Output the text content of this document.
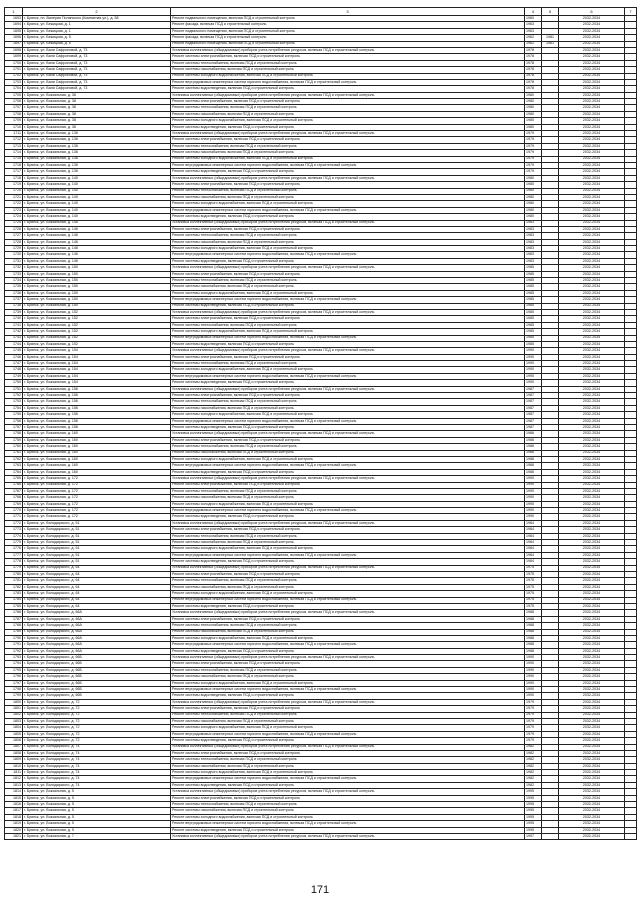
1	2	3	4	5	6	7
1693	г. Брянск, пл. Валерия Полянского (Комнатная ул.), д. 58	Ремонт подвального помещения, включая ПСД и строительный контроль	1960		2032-2034	
1694	г. Брянск, ул. Бежицкая, д. 1	Ремонт фасада, включая ПСД и строительный контроль	1963		2032-2034	
1695	г. Брянск, ул. Бежицкая, д. 1	Ремонт подвального помещения, включая ПСД и строительный контроль	1963		2032-2034	
1696	г. Брянск, ул. Бежицкая, д. 5	Ремонт фасада, включая ПСД и строительный контроль	1962	1981	2032-2034	
1697	г. Брянск, ул. Бежицкая, д. 5	Ремонт подвального помещения, включая ПСД и строительный контроль	1962	1981	2032-2034	
1698	г. Брянск, ул. Вали Сафроновой, д. 73	Установка коллективных (общедомовых) приборов учета потребления ресурсов, включая ПСД и строительный контроль	1978		2032-2034	
1699	г. Брянск, ул. Вали Сафроновой, д. 73	Ремонт системы электроснабжения, включая ПСД и строительный контроль	1978		2032-2034	
1700	г. Брянск, ул. Вали Сафроновой, д. 73	Ремонт системы теплоснабжения, включая ПСД и строительный контроль	1978		2032-2034	
1701	г. Брянск, ул. Вали Сафроновой, д. 73	Ремонт системы газоснабжения, включая ПСД и строительный контроль	1978		2032-2034	
1702	г. Брянск, ул. Вали Сафроновой, д. 73	Ремонт системы холодного водоснабжения, включая ПСД и строительный контроль	1978		2032-2034	
1703	г. Брянск, ул. Вали Сафроновой, д. 73	Ремонт внутридомовых инженерных систем горячего водоснабжения, включая ПСД и строительный контроль	1978		2032-2034	
1704	г. Брянск, ул. Вали Сафроновой, д. 73	Ремонт системы водоотведения, включая ПСД и строительный контроль	1978		2032-2034	
1705	г. Брянск, ул. Вокзальная, д. 38	Установка коллективных (общедомовых) приборов учета потребления ресурсов, включая ПСД и строительный контроль	1980		2032-2034	
1706	г. Брянск, ул. Вокзальная, д. 38	Ремонт системы электроснабжения, включая ПСД и строительный контроль	1980		2032-2034	
1707	г. Брянск, ул. Вокзальная, д. 38	Ремонт системы теплоснабжения, включая ПСД и строительный контроль	1980		2032-2034	
1708	г. Брянск, ул. Вокзальная, д. 38	Ремонт системы газоснабжения, включая ПСД и строительный контроль	1980		2032-2034	
1709	г. Брянск, ул. Вокзальная, д. 38	Ремонт системы холодного водоснабжения, включая ПСД и строительный контроль	1980		2032-2034	
1710	г. Брянск, ул. Вокзальная, д. 38	Ремонт системы водоотведения, включая ПСД и строительный контроль	1980		2032-2034	
1711	г. Брянск, ул. Вокзальная, д. 136	Установка коллективных (общедомовых) приборов учета потребления ресурсов, включая ПСД и строительный контроль	1979		2032-2034	
1712	г. Брянск, ул. Вокзальная, д. 136	Ремонт системы электроснабжения, включая ПСД и строительный контроль	1979		2032-2034	
1713	г. Брянск, ул. Вокзальная, д. 136	Ремонт системы теплоснабжения, включая ПСД и строительный контроль	1979		2032-2034	
1714	г. Брянск, ул. Вокзальная, д. 136	Ремонт системы газоснабжения, включая ПСД и строительный контроль	1979		2032-2034	
1715	г. Брянск, ул. Вокзальная, д. 136	Ремонт системы холодного водоснабжения, включая ПСД и строительный контроль	1979		2032-2034	
1716	г. Брянск, ул. Вокзальная, д. 136	Ремонт внутридомовых инженерных систем горячего водоснабжения, включая ПСД и строительный контроль	1979		2032-2034	
1717	г. Брянск, ул. Вокзальная, д. 136	Ремонт системы водоотведения, включая ПСД и строительный контроль	1979		2032-2034	
1718	г. Брянск, ул. Вокзальная, д. 140	Установка коллективных (общедомовых) приборов учета потребления ресурсов, включая ПСД и строительный контроль	1980		2032-2034	
1719	г. Брянск, ул. Вокзальная, д. 140	Ремонт системы электроснабжения, включая ПСД и строительный контроль	1980		2032-2034	
1720	г. Брянск, ул. Вокзальная, д. 140	Ремонт системы теплоснабжения, включая ПСД и строительный контроль	1980		2032-2034	
1721	г. Брянск, ул. Вокзальная, д. 140	Ремонт системы газоснабжения, включая ПСД и строительный контроль	1980		2032-2034	
1722	г. Брянск, ул. Вокзальная, д. 140	Ремонт системы холодного водоснабжения, включая ПСД и строительный контроль	1980		2032-2034	
1723	г. Брянск, ул. Вокзальная, д. 140	Ремонт внутридомовых инженерных систем горячего водоснабжения, включая ПСД и строительный контроль	1980		2032-2034	
1724	г. Брянск, ул. Вокзальная, д. 140	Ремонт системы водоотведения, включая ПСД и строительный контроль	1980		2032-2034	
1725	г. Брянск, ул. Вокзальная, д. 146	Установка коллективных (общедомовых) приборов учета потребления ресурсов, включая ПСД и строительный контроль	1983		2032-2034	
1726	г. Брянск, ул. Вокзальная, д. 146	Ремонт системы электроснабжения, включая ПСД и строительный контроль	1983		2032-2034	
1727	г. Брянск, ул. Вокзальная, д. 146	Ремонт системы теплоснабжения, включая ПСД и строительный контроль	1983		2032-2034	
1728	г. Брянск, ул. Вокзальная, д. 146	Ремонт системы газоснабжения, включая ПСД и строительный контроль	1983		2032-2034	
1729	г. Брянск, ул. Вокзальная, д. 146	Ремонт системы холодного водоснабжения, включая ПСД и строительный контроль	1983		2032-2034	
1730	г. Брянск, ул. Вокзальная, д. 146	Ремонт внутридомовых инженерных систем горячего водоснабжения, включая ПСД и строительный контроль	1983		2032-2034	
1731	г. Брянск, ул. Вокзальная, д. 146	Ремонт системы водоотведения, включая ПСД и строительный контроль	1983		2032-2034	
1732	г. Брянск, ул. Вокзальная, д. 150	Установка коллективных (общедомовых) приборов учета потребления ресурсов, включая ПСД и строительный контроль	1985		2032-2034	
1733	г. Брянск, ул. Вокзальная, д. 150	Ремонт системы электроснабжения, включая ПСД и строительный контроль	1985		2032-2034	
1734	г. Брянск, ул. Вокзальная, д. 150	Ремонт системы теплоснабжения, включая ПСД и строительный контроль	1985		2032-2034	
1735	г. Брянск, ул. Вокзальная, д. 150	Ремонт системы газоснабжения, включая ПСД и строительный контроль	1985		2032-2034	
1736	г. Брянск, ул. Вокзальная, д. 150	Ремонт системы холодного водоснабжения, включая ПСД и строительный контроль	1985		2032-2034	
1737	г. Брянск, ул. Вокзальная, д. 150	Ремонт внутридомовых инженерных систем горячего водоснабжения, включая ПСД и строительный контроль	1985		2032-2034	
1738	г. Брянск, ул. Вокзальная, д. 150	Ремонт системы водоотведения, включая ПСД и строительный контроль	1985		2032-2034	
1739	г. Брянск, ул. Вокзальная, д. 152	Установка коллективных (общедомовых) приборов учета потребления ресурсов, включая ПСД и строительный контроль	1985		2032-2034	
1740	г. Брянск, ул. Вокзальная, д. 152	Ремонт системы электроснабжения, включая ПСД и строительный контроль	1985		2032-2034	
1741	г. Брянск, ул. Вокзальная, д. 152	Ремонт системы теплоснабжения, включая ПСД и строительный контроль	1985		2032-2034	
1742	г. Брянск, ул. Вокзальная, д. 152	Ремонт системы холодного водоснабжения, включая ПСД и строительный контроль	1985		2032-2034	
1743	г. Брянск, ул. Вокзальная, д. 152	Ремонт внутридомовых инженерных систем горячего водоснабжения, включая ПСД и строительный контроль	1985		2032-2034	
1744	г. Брянск, ул. Вокзальная, д. 152	Ремонт системы водоотведения, включая ПСД и строительный контроль	1985		2032-2034	
1745	г. Брянск, ул. Вокзальная, д. 154	Установка коллективных (общедомовых) приборов учета потребления ресурсов, включая ПСД и строительный контроль	1990		2032-2034	
1746	г. Брянск, ул. Вокзальная, д. 154	Ремонт системы электроснабжения, включая ПСД и строительный контроль	1990		2032-2034	
1747	г. Брянск, ул. Вокзальная, д. 154	Ремонт системы теплоснабжения, включая ПСД и строительный контроль	1990		2032-2034	
1748	г. Брянск, ул. Вокзальная, д. 154	Ремонт системы холодного водоснабжения, включая ПСД и строительный контроль	1990		2032-2034	
1749	г. Брянск, ул. Вокзальная, д. 154	Ремонт внутридомовых инженерных систем горячего водоснабжения, включая ПСД и строительный контроль	1990		2032-2034	
1750	г. Брянск, ул. Вокзальная, д. 154	Ремонт системы водоотведения, включая ПСД и строительный контроль	1990		2032-2034	
1751	г. Брянск, ул. Вокзальная, д. 156	Установка коллективных (общедомовых) приборов учета потребления ресурсов, включая ПСД и строительный контроль	1987		2032-2034	
1752	г. Брянск, ул. Вокзальная, д. 156	Ремонт системы электроснабжения, включая ПСД и строительный контроль	1987		2032-2034	
1753	г. Брянск, ул. Вокзальная, д. 156	Ремонт системы теплоснабжения, включая ПСД и строительный контроль	1987		2032-2034	
1754	г. Брянск, ул. Вокзальная, д. 156	Ремонт системы газоснабжения, включая ПСД и строительный контроль	1987		2032-2034	
1755	г. Брянск, ул. Вокзальная, д. 156	Ремонт системы холодного водоснабжения, включая ПСД и строительный контроль	1987		2032-2034	
1756	г. Брянск, ул. Вокзальная, д. 156	Ремонт внутридомовых инженерных систем горячего водоснабжения, включая ПСД и строительный контроль	1987		2032-2034	
1757	г. Брянск, ул. Вокзальная, д. 156	Ремонт системы водоотведения, включая ПСД и строительный контроль	1987		2032-2034	
1758	г. Брянск, ул. Вокзальная, д. 160	Установка коллективных (общедомовых) приборов учета потребления ресурсов, включая ПСД и строительный контроль	1986		2032-2034	
1759	г. Брянск, ул. Вокзальная, д. 160	Ремонт системы электроснабжения, включая ПСД и строительный контроль	1986		2032-2034	
1760	г. Брянск, ул. Вокзальная, д. 160	Ремонт системы теплоснабжения, включая ПСД и строительный контроль	1986		2032-2034	
1761	г. Брянск, ул. Вокзальная, д. 160	Ремонт системы газоснабжения, включая ПСД и строительный контроль	1986		2032-2034	
1762	г. Брянск, ул. Вокзальная, д. 160	Ремонт системы холодного водоснабжения, включая ПСД и строительный контроль	1986		2032-2034	
1763	г. Брянск, ул. Вокзальная, д. 160	Ремонт внутридомовых инженерных систем горячего водоснабжения, включая ПСД и строительный контроль	1986		2032-2034	
1764	г. Брянск, ул. Вокзальная, д. 160	Ремонт системы водоотведения, включая ПСД и строительный контроль	1986		2032-2034	
1765	г. Брянск, ул. Вокзальная, д. 172	Установка коллективных (общедомовых) приборов учета потребления ресурсов, включая ПСД и строительный контроль	1990		2032-2034	
1766	г. Брянск, ул. Вокзальная, д. 172	Ремонт системы электроснабжения, включая ПСД и строительный контроль	1990		2032-2034	
1767	г. Брянск, ул. Вокзальная, д. 172	Ремонт системы теплоснабжения, включая ПСД и строительный контроль	1990		2032-2034	
1768	г. Брянск, ул. Вокзальная, д. 172	Ремонт системы газоснабжения, включая ПСД и строительный контроль	1990		2032-2034	
1769	г. Брянск, ул. Вокзальная, д. 172	Ремонт системы холодного водоснабжения, включая ПСД и строительный контроль	1990		2032-2034	
1770	г. Брянск, ул. Вокзальная, д. 172	Ремонт внутридомовых инженерных систем горячего водоснабжения, включая ПСД и строительный контроль	1990		2032-2034	
1771	г. Брянск, ул. Вокзальная, д. 172	Ремонт системы водоотведения, включая ПСД и строительный контроль	1990		2032-2034	
1772	г. Брянск, ул. Володарского, д. 51	Установка коллективных (общедомовых) приборов учета потребления ресурсов, включая ПСД и строительный контроль	1984		2032-2034	
1773	г. Брянск, ул. Володарского, д. 51	Ремонт системы электроснабжения, включая ПСД и строительный контроль	1984		2032-2034	
1774	г. Брянск, ул. Володарского, д. 51	Ремонт системы теплоснабжения, включая ПСД и строительный контроль	1984		2032-2034	
1775	г. Брянск, ул. Володарского, д. 51	Ремонт системы газоснабжения, включая ПСД и строительный контроль	1984		2032-2034	
1776	г. Брянск, ул. Володарского, д. 51	Ремонт системы холодного водоснабжения, включая ПСД и строительный контроль	1984		2032-2034	
1777	г. Брянск, ул. Володарского, д. 51	Ремонт внутридомовых инженерных систем горячего водоснабжения, включая ПСД и строительный контроль	1984		2032-2034	
1778	г. Брянск, ул. Володарского, д. 51	Ремонт системы водоотведения, включая ПСД и строительный контроль	1984		2032-2034	
1779	г. Брянск, ул. Володарского, д. 64	Установка коллективных (общедомовых) приборов учета потребления ресурсов, включая ПСД и строительный контроль	1975		2032-2034	
1780	г. Брянск, ул. Володарского, д. 64	Ремонт системы электроснабжения, включая ПСД и строительный контроль	1975		2032-2034	
1781	г. Брянск, ул. Володарского, д. 64	Ремонт системы теплоснабжения, включая ПСД и строительный контроль	1975		2032-2034	
1782	г. Брянск, ул. Володарского, д. 64	Ремонт системы газоснабжения, включая ПСД и строительный контроль	1975		2032-2034	
1783	г. Брянск, ул. Володарского, д. 64	Ремонт системы холодного водоснабжения, включая ПСД и строительный контроль	1975		2032-2034	
1784	г. Брянск, ул. Володарского, д. 64	Ремонт внутридомовых инженерных систем горячего водоснабжения, включая ПСД и строительный контроль	1975		2032-2034	
1785	г. Брянск, ул. Володарского, д. 64	Ремонт системы водоотведения, включая ПСД и строительный контроль	1975		2032-2034	
1786	г. Брянск, ул. Володарского, д. 66А	Установка коллективных (общедомовых) приборов учета потребления ресурсов, включая ПСД и строительный контроль	1988		2032-2034	
1787	г. Брянск, ул. Володарского, д. 66А	Ремонт системы электроснабжения, включая ПСД и строительный контроль	1988		2032-2034	
1788	г. Брянск, ул. Володарского, д. 66А	Ремонт системы теплоснабжения, включая ПСД и строительный контроль	1988		2032-2034	
1789	г. Брянск, ул. Володарского, д. 66А	Ремонт системы газоснабжения, включая ПСД и строительный контроль	1988		2032-2034	
1790	г. Брянск, ул. Володарского, д. 66А	Ремонт системы холодного водоснабжения, включая ПСД и строительный контроль	1988		2032-2034	
1791	г. Брянск, ул. Володарского, д. 66А	Ремонт внутридомовых инженерных систем горячего водоснабжения, включая ПСД и строительный контроль	1988		2032-2034	
1792	г. Брянск, ул. Володарского, д. 66А	Ремонт системы водоотведения, включая ПСД и строительный контроль	1988		2032-2034	
1793	г. Брянск, ул. Володарского, д. 66Б	Установка коллективных (общедомовых) приборов учета потребления ресурсов, включая ПСД и строительный контроль	1990		2032-2034	
1794	г. Брянск, ул. Володарского, д. 66Б	Ремонт системы электроснабжения, включая ПСД и строительный контроль	1990		2032-2034	
1795	г. Брянск, ул. Володарского, д. 66Б	Ремонт системы теплоснабжения, включая ПСД и строительный контроль	1990		2032-2034	
1796	г. Брянск, ул. Володарского, д. 66Б	Ремонт системы газоснабжения, включая ПСД и строительный контроль	1990		2032-2034	
1797	г. Брянск, ул. Володарского, д. 66Б	Ремонт системы холодного водоснабжения, включая ПСД и строительный контроль	1990		2032-2034	
1798	г. Брянск, ул. Володарского, д. 66Б	Ремонт внутридомовых инженерных систем горячего водоснабжения, включая ПСД и строительный контроль	1990		2032-2034	
1799	г. Брянск, ул. Володарского, д. 66Б	Ремонт системы водоотведения, включая ПСД и строительный контроль	1990		2032-2034	
1800	г. Брянск, ул. Володарского, д. 72	Установка коллективных (общедомовых) приборов учета потребления ресурсов, включая ПСД и строительный контроль	1979		2032-2034	
1801	г. Брянск, ул. Володарского, д. 72	Ремонт системы электроснабжения, включая ПСД и строительный контроль	1979		2032-2034	
1802	г. Брянск, ул. Володарского, д. 72	Ремонт системы теплоснабжения, включая ПСД и строительный контроль	1979		2032-2034	
1803	г. Брянск, ул. Володарского, д. 72	Ремонт системы газоснабжения, включая ПСД и строительный контроль	1979		2032-2034	
1804	г. Брянск, ул. Володарского, д. 72	Ремонт системы холодного водоснабжения, включая ПСД и строительный контроль	1979		2032-2034	
1805	г. Брянск, ул. Володарского, д. 72	Ремонт внутридомовых инженерных систем горячего водоснабжения, включая ПСД и строительный контроль	1979		2032-2034	
1806	г. Брянск, ул. Володарского, д. 72	Ремонт системы водоотведения, включая ПСД и строительный контроль	1979		2032-2034	
1807	г. Брянск, ул. Володарского, д. 74	Установка коллективных (общедомовых) приборов учета потребления ресурсов, включая ПСД и строительный контроль	1982		2032-2034	
1808	г. Брянск, ул. Володарского, д. 74	Ремонт системы электроснабжения, включая ПСД и строительный контроль	1982		2032-2034	
1809	г. Брянск, ул. Володарского, д. 74	Ремонт системы теплоснабжения, включая ПСД и строительный контроль	1982		2032-2034	
1810	г. Брянск, ул. Володарского, д. 74	Ремонт системы газоснабжения, включая ПСД и строительный контроль	1982		2032-2034	
1811	г. Брянск, ул. Володарского, д. 74	Ремонт системы холодного водоснабжения, включая ПСД и строительный контроль	1982		2032-2034	
1812	г. Брянск, ул. Володарского, д. 74	Ремонт внутридомовых инженерных систем горячего водоснабжения, включая ПСД и строительный контроль	1982		2032-2034	
1813	г. Брянск, ул. Володарского, д. 74	Ремонт системы водоотведения, включая ПСД и строительный контроль	1982		2032-2034	
1814	г. Брянск, ул. Вокзальная, д. 5	Установка коллективных (общедомовых) приборов учета потребления ресурсов, включая ПСД и строительный контроль	1995		2032-2034	
1815	г. Брянск, ул. Вокзальная, д. 5	Ремонт системы электроснабжения, включая ПСД и строительный контроль	1995		2032-2034	
1816	г. Брянск, ул. Вокзальная, д. 5	Ремонт системы теплоснабжения, включая ПСД и строительный контроль	1995		2032-2034	
1817	г. Брянск, ул. Вокзальная, д. 5	Ремонт системы газоснабжения, включая ПСД и строительный контроль	1995		2032-2034	
1818	г. Брянск, ул. Вокзальная, д. 5	Ремонт системы холодного водоснабжения, включая ПСД и строительный контроль	1995		2032-2034	
1819	г. Брянск, ул. Вокзальная, д. 5	Ремонт внутридомовых инженерных систем горячего водоснабжения, включая ПСД и строительный контроль	1995		2032-2034	
1820	г. Брянск, ул. Вокзальная, д. 5	Ремонт системы водоотведения, включая ПСД и строительный контроль	1995		2032-2034	
1821	г. Брянск, ул. Вокзальная, д. 7	Установка коллективных (общедомовых) приборов учета потребления ресурсов, включая ПСД и строительный контроль	1997		2032-2034	
171
